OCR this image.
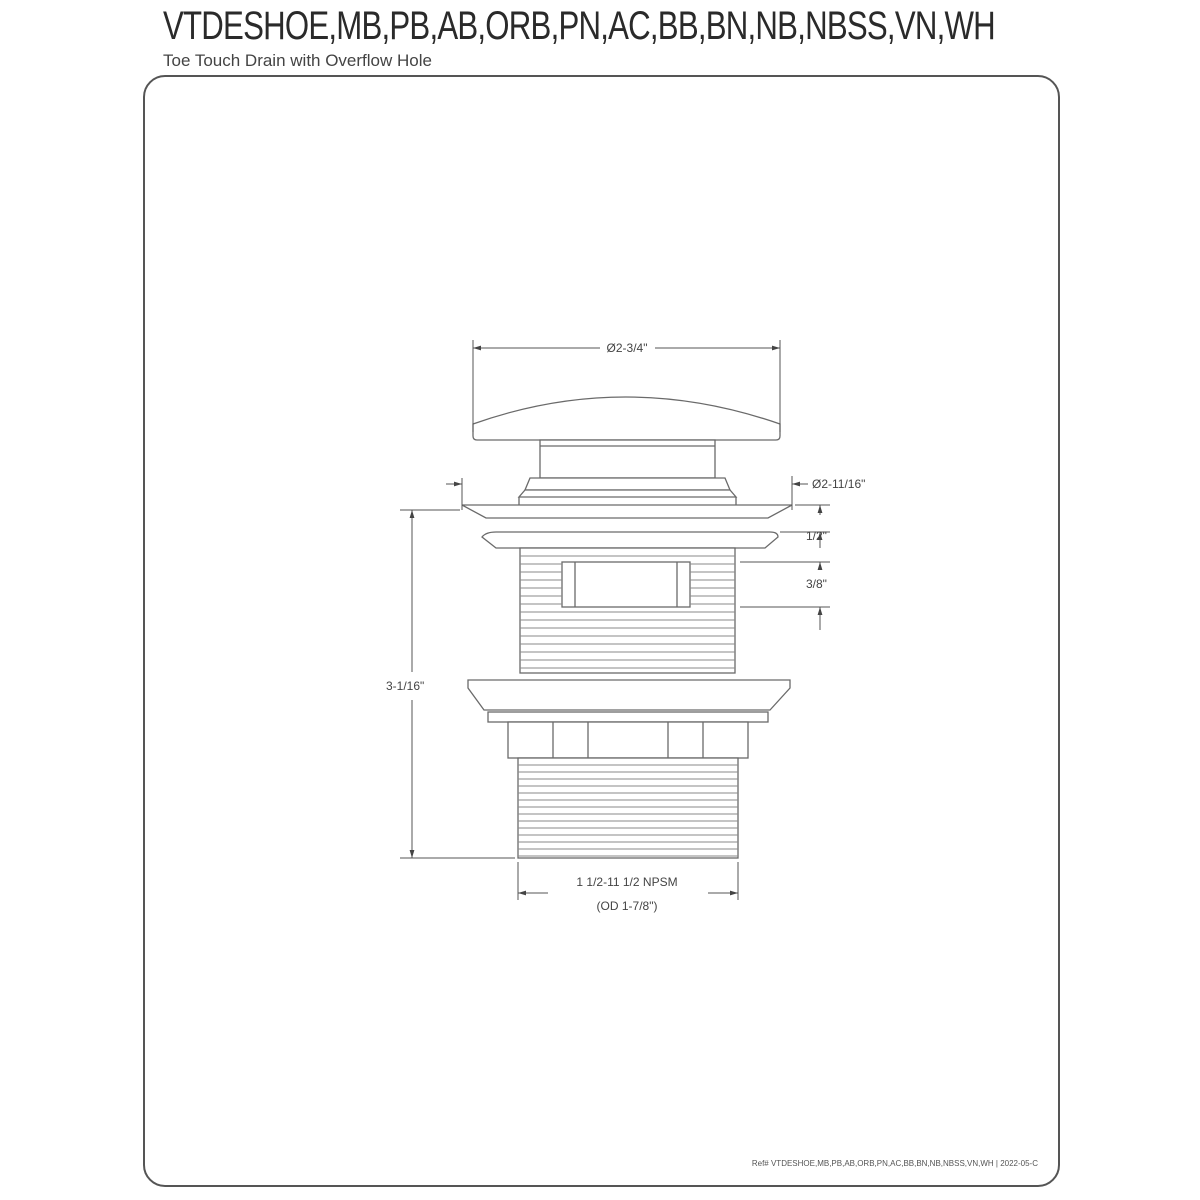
VTDESHOE,MB,PB,AB,ORB,PN,AC,BB,BN,NB,NBSS,VN,WH
Toe Touch Drain with Overflow Hole
Ø2-3/4"
Ø2-11/16"
1/2"
3/8"
3-1/16"
1 1/2-11 1/2 NPSM
(OD 1-7/8")
Ref# VTDESHOE,MB,PB,AB,ORB,PN,AC,BB,BN,NB,NBSS,VN,WH | 2022-05-C
